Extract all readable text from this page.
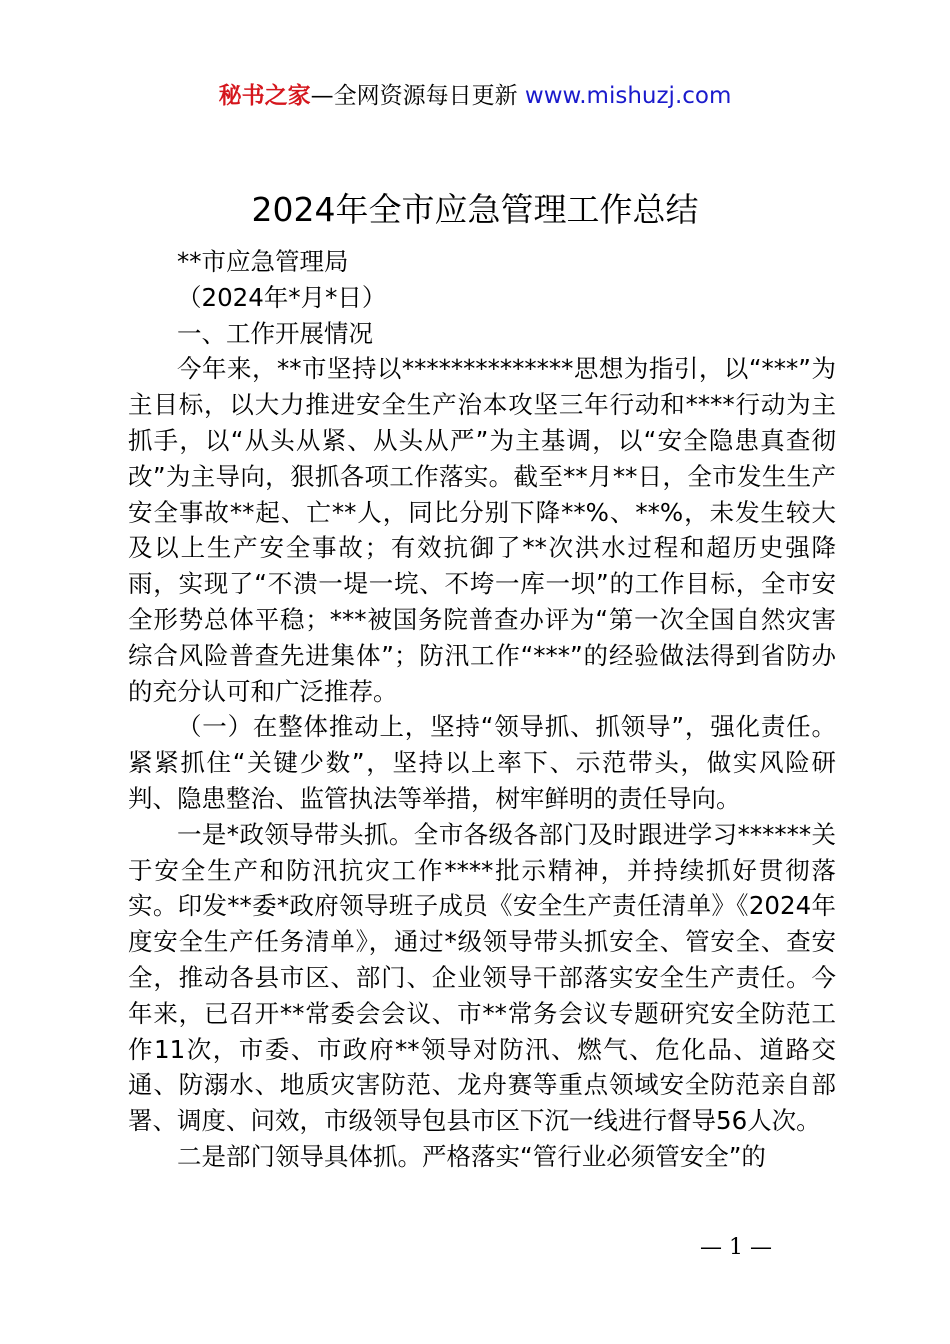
秘书之家—全网资源每日更新 www.mishuzj.com
2024年全市应急管理工作总结

**市应急管理局

（2024年*月*日）

一、工作开展情况

今年来，**市坚持以**************思想为指引，以“***”为主目标，以大力推进安全生产治本攻坚三年行动和****行动为主抓手，以“从头从紧、从头从严”为主基调，以“安全隐患真查彻改”为主导向，狠抓各项工作落实。截至**月**日，全市发生生产安全事故**起、亡**人，同比分别下降**%、**%，未发生较大及以上生产安全事故；有效抗御了**次洪水过程和超历史强降雨，实现了“不溃一堤一垸、不垮一库一坝”的工作目标，全市安全形势总体平稳；***被国务院普查办评为“第一次全国自然灾害综合风险普查先进集体”；防汛工作“***”的经验做法得到省防办的充分认可和广泛推荐。

（一）在整体推动上，坚持“领导抓、抓领导”，强化责任。紧紧抓住“关键少数”，坚持以上率下、示范带头，做实风险研判、隐患整治、监管执法等举措，树牢鲜明的责任导向。

一是*政领导带头抓。全市各级各部门及时跟进学习******关于安全生产和防汛抗灾工作****批示精神，并持续抓好贯彻落实。印发**委*政府领导班子成员《安全生产责任清单》《2024年度安全生产任务清单》，通过*级领导带头抓安全、管安全、查安全，推动各县市区、部门、企业领导干部落实安全生产责任。今年来，已召开**常委会会议、市**常务会议专题研究安全防范工作11次，市委、市政府**领导对防汛、燃气、危化品、道路交通、防溺水、地质灾害防范、龙舟赛等重点领域安全防范亲自部署、调度、问效，市级领导包县市区下沉一线进行督导56人次。

二是部门领导具体抓。严格落实“管行业必须管安全”的

— 1 —
